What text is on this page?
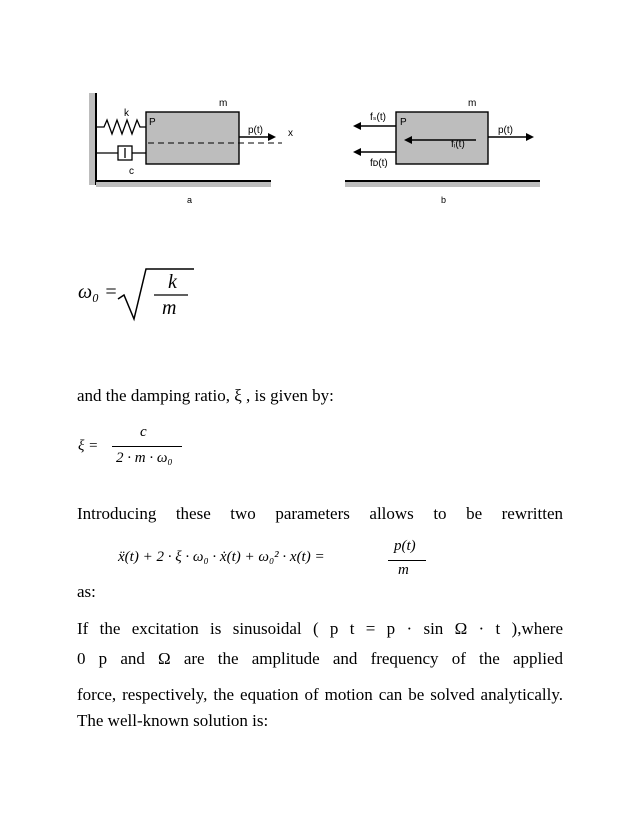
k
m
P
p(t)	x
c
a
fₛ(t)
m
P
fᵢ(t)
p(t)
fᴅ(t)
b
ω₀ =	k
m
and the damping ratio, ξ , is given by:
ξ =
c
2 · m · ω₀
Introducing these two parameters allows to be rewritten
ẍ(t) + 2 · ξ · ω₀ · ẋ(t) + ω₀² · x(t) =
p(t)
m
as:
If the excitation is sinusoidal ( p t = p · sin Ω · t ),where
0 p and Ω are the amplitude and frequency of the applied
force, respectively, the equation of motion can be solved analytically. The well-known solution is:
